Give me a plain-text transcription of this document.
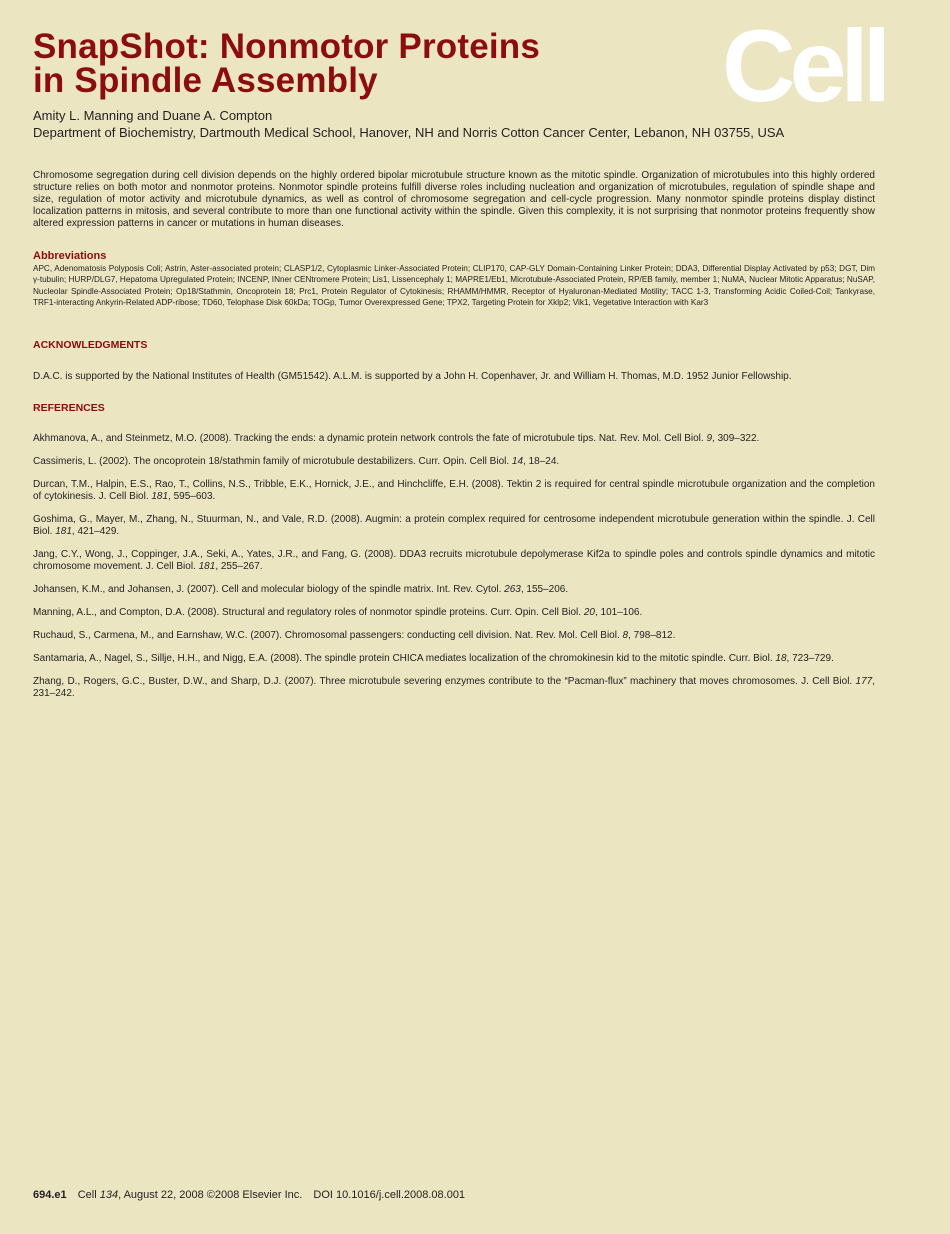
SnapShot: Nonmotor Proteins
in Spindle Assembly	Cell

Amity L. Manning and Duane A. Compton

Department of Biochemistry, Dartmouth Medical School, Hanover, NH and Norris Cotton Cancer Center, Lebanon, NH 03755, USA

Chromosome segregation during cell division depends on the highly ordered bipolar microtubule structure known as the mitotic spindle. Organization of microtubules into this highly ordered structure relies on both motor and nonmotor proteins. Nonmotor spindle proteins fulfill diverse roles including nucleation and organization of microtubules, regulation of spindle shape and size, regulation of motor activity and microtubule dynamics, as well as control of chromosome segregation and cell-cycle progression. Many nonmotor spindle proteins display distinct localization patterns in mitosis, and several contribute to more than one functional activity within the spindle. Given this complexity, it is not surprising that nonmotor proteins frequently show altered expression patterns in cancer or mutations in human diseases.

Abbreviations

APC, Adenomatosis Polyposis Coli; Astrin, Aster-associated protein; CLASP1/2, Cytoplasmic Linker-Associated Protein; CLIP170, CAP-GLY Domain-Containing Linker Protein; DDA3, Differential Display Activated by p53; DGT, Dim γ-tubulin; HURP/DLG7, Hepatoma Upregulated Protein; INCENP, INner CENtromere Protein; Lis1, Lissencephaly 1; MAPRE1/Eb1, Microtubule-Associated Protein, RP/EB family, member 1; NuMA, Nuclear Mitotic Apparatus; NuSAP, Nucleolar Spindle-Associated Protein; Op18/Stathmin, Oncoprotein 18; Prc1, Protein Regulator of Cytokinesis; RHAMM/HMMR, Receptor of Hyaluronan-Mediated Motility; TACC 1-3, Transforming Acidic Coiled-Coil; Tankyrase, TRF1-interacting Ankyrin-Related ADP-ribose; TD60, Telophase Disk 60kDa; TOGp, Tumor Overexpressed Gene; TPX2, Targeting Protein for Xklp2; Vik1, Vegetative Interaction with Kar3

ACKNOWLEDGMENTS

D.A.C. is supported by the National Institutes of Health (GM51542). A.L.M. is supported by a John H. Copenhaver, Jr. and William H. Thomas, M.D. 1952 Junior Fellowship.

REFERENCES

Akhmanova, A., and Steinmetz, M.O. (2008). Tracking the ends: a dynamic protein network controls the fate of microtubule tips. Nat. Rev. Mol. Cell Biol. 9, 309–322.

Cassimeris, L. (2002). The oncoprotein 18/stathmin family of microtubule destabilizers. Curr. Opin. Cell Biol. 14, 18–24.

Durcan, T.M., Halpin, E.S., Rao, T., Collins, N.S., Tribble, E.K., Hornick, J.E., and Hinchcliffe, E.H. (2008). Tektin 2 is required for central spindle microtubule organization and the completion of cytokinesis. J. Cell Biol. 181, 595–603.

Goshima, G., Mayer, M., Zhang, N., Stuurman, N., and Vale, R.D. (2008). Augmin: a protein complex required for centrosome independent microtubule generation within the spindle. J. Cell Biol. 181, 421–429.

Jang, C.Y., Wong, J., Coppinger, J.A., Seki, A., Yates, J.R., and Fang, G. (2008). DDA3 recruits microtubule depolymerase Kif2a to spindle poles and controls spindle dynamics and mitotic chromosome movement. J. Cell Biol. 181, 255–267.

Johansen, K.M., and Johansen, J. (2007). Cell and molecular biology of the spindle matrix. Int. Rev. Cytol. 263, 155–206.

Manning, A.L., and Compton, D.A. (2008). Structural and regulatory roles of nonmotor spindle proteins. Curr. Opin. Cell Biol. 20, 101–106.

Ruchaud, S., Carmena, M., and Earnshaw, W.C. (2007). Chromosomal passengers: conducting cell division. Nat. Rev. Mol. Cell Biol. 8, 798–812.

Santamaria, A., Nagel, S., Sillje, H.H., and Nigg, E.A. (2008). The spindle protein CHICA mediates localization of the chromokinesin kid to the mitotic spindle. Curr. Biol. 18, 723–729.

Zhang, D., Rogers, G.C., Buster, D.W., and Sharp, D.J. (2007). Three microtubule severing enzymes contribute to the “Pacman-flux” machinery that moves chromosomes. J. Cell Biol. 177, 231–242.

694.e1 Cell 134, August 22, 2008 ©2008 Elsevier Inc. DOI 10.1016/j.cell.2008.08.001
